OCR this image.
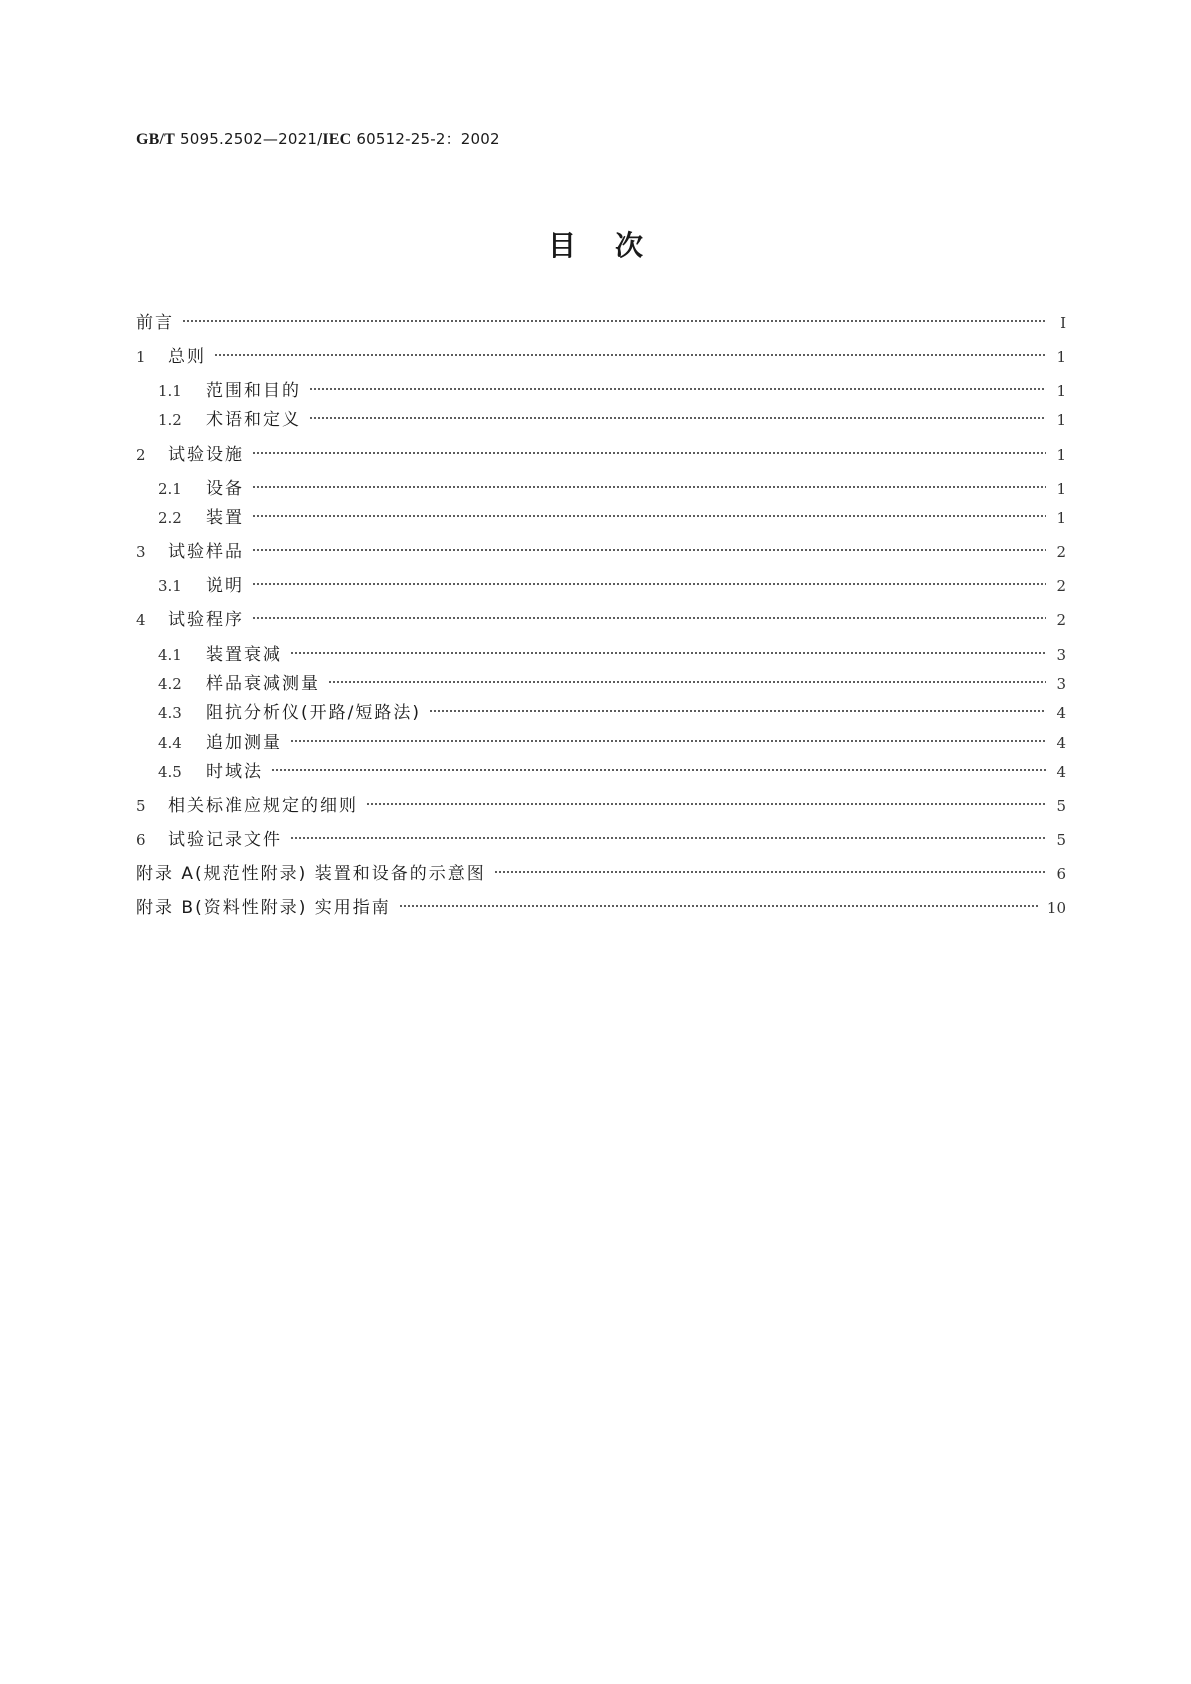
GB/T 5095.2502—2021/IEC 60512-25-2：2002
目    次
前言	I
1	总则	1
1.1	范围和目的	1
1.2	术语和定义	1
2	试验设施	1
2.1	设备	1
2.2	装置	1
3	试验样品	2
3.1	说明	2
4	试验程序	2
4.1	装置衰减	3
4.2	样品衰减测量	3
4.3	阻抗分析仪(开路/短路法)	4
4.4	追加测量	4
4.5	时域法	4
5	相关标准应规定的细则	5
6	试验记录文件	5
附录 A(规范性附录) 装置和设备的示意图	6
附录 B(资料性附录) 实用指南	10
